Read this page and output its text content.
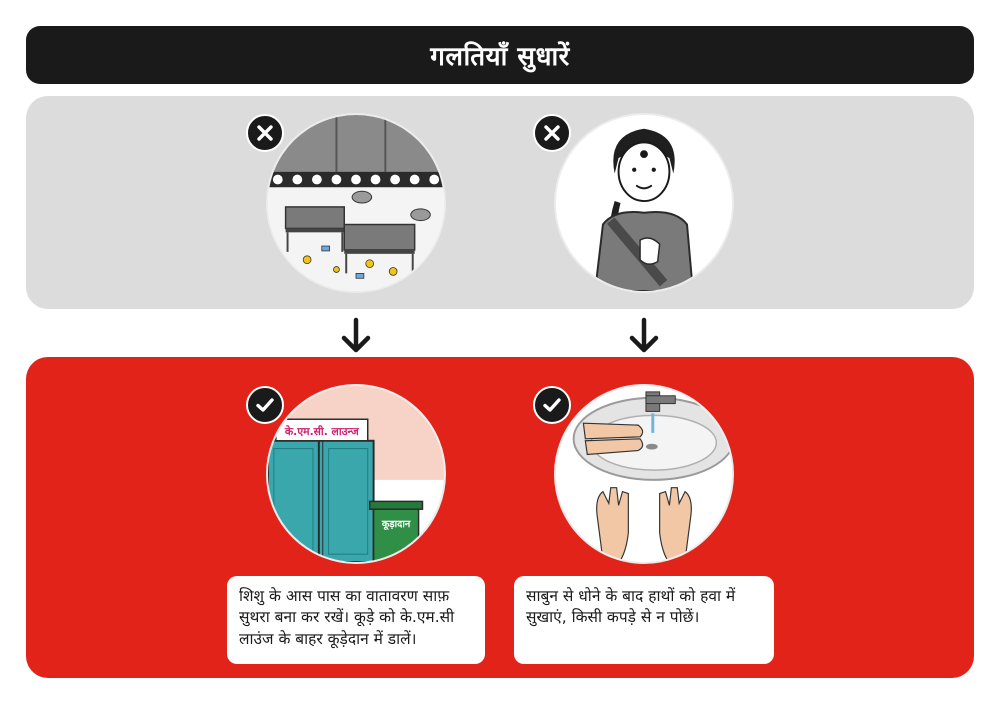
गलतियाँ सुधारें
के.एम.सी. लाउन्ज
कूड़ादान
शिशु के आस पास का वातावरण साफ़ सुथरा बना कर रखें। कूड़े को के.एम.सी लाउंज के बाहर कूड़ेदान में डालें।
साबुन से धोने के बाद हाथों को हवा में सुखाएं, किसी कपड़े से न पोछें।
